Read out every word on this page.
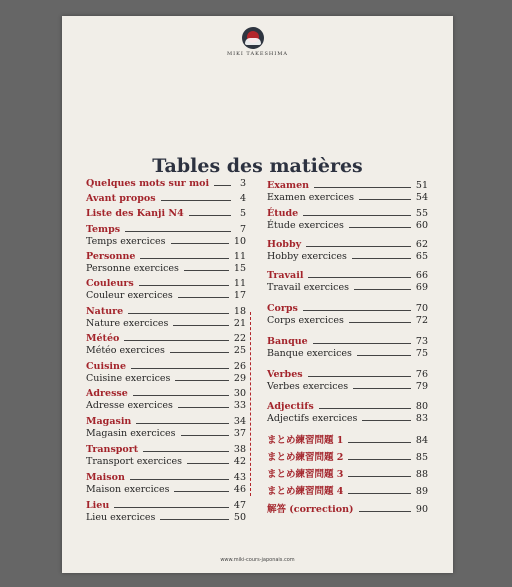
MIKI TAKESHIMA
Tables des matières
Quelques mots sur moi	3
Avant propos	4
Liste des Kanji N4	5
Temps	7
Temps exercices	10
Personne	11
Personne exercices	15
Couleurs	11
Couleur exercices	17
Nature	18
Nature exercices	21
Météo	22
Météo exercices	25
Cuisine	26
Cuisine exercices	29
Adresse	30
Adresse exercices	33
Magasin	34
Magasin exercices	37
Transport	38
Transport exercices	42
Maison	43
Maison exercices	46
Lieu	47
Lieu exercices	50
Examen	51
Examen exercices	54
Étude	55
Étude exercices	60
Hobby	62
Hobby exercices	65
Travail	66
Travail exercices	69
Corps	70
Corps exercices	72
Banque	73
Banque exercices	75
Verbes	76
Verbes exercices	79
Adjectifs	80
Adjectifs exercices	83
まとめ練習問題 1	84
まとめ練習問題 2	85
まとめ練習問題 3	88
まとめ練習問題 4	89
解答 (correction)	90
www.miki-cours-japonais.com
